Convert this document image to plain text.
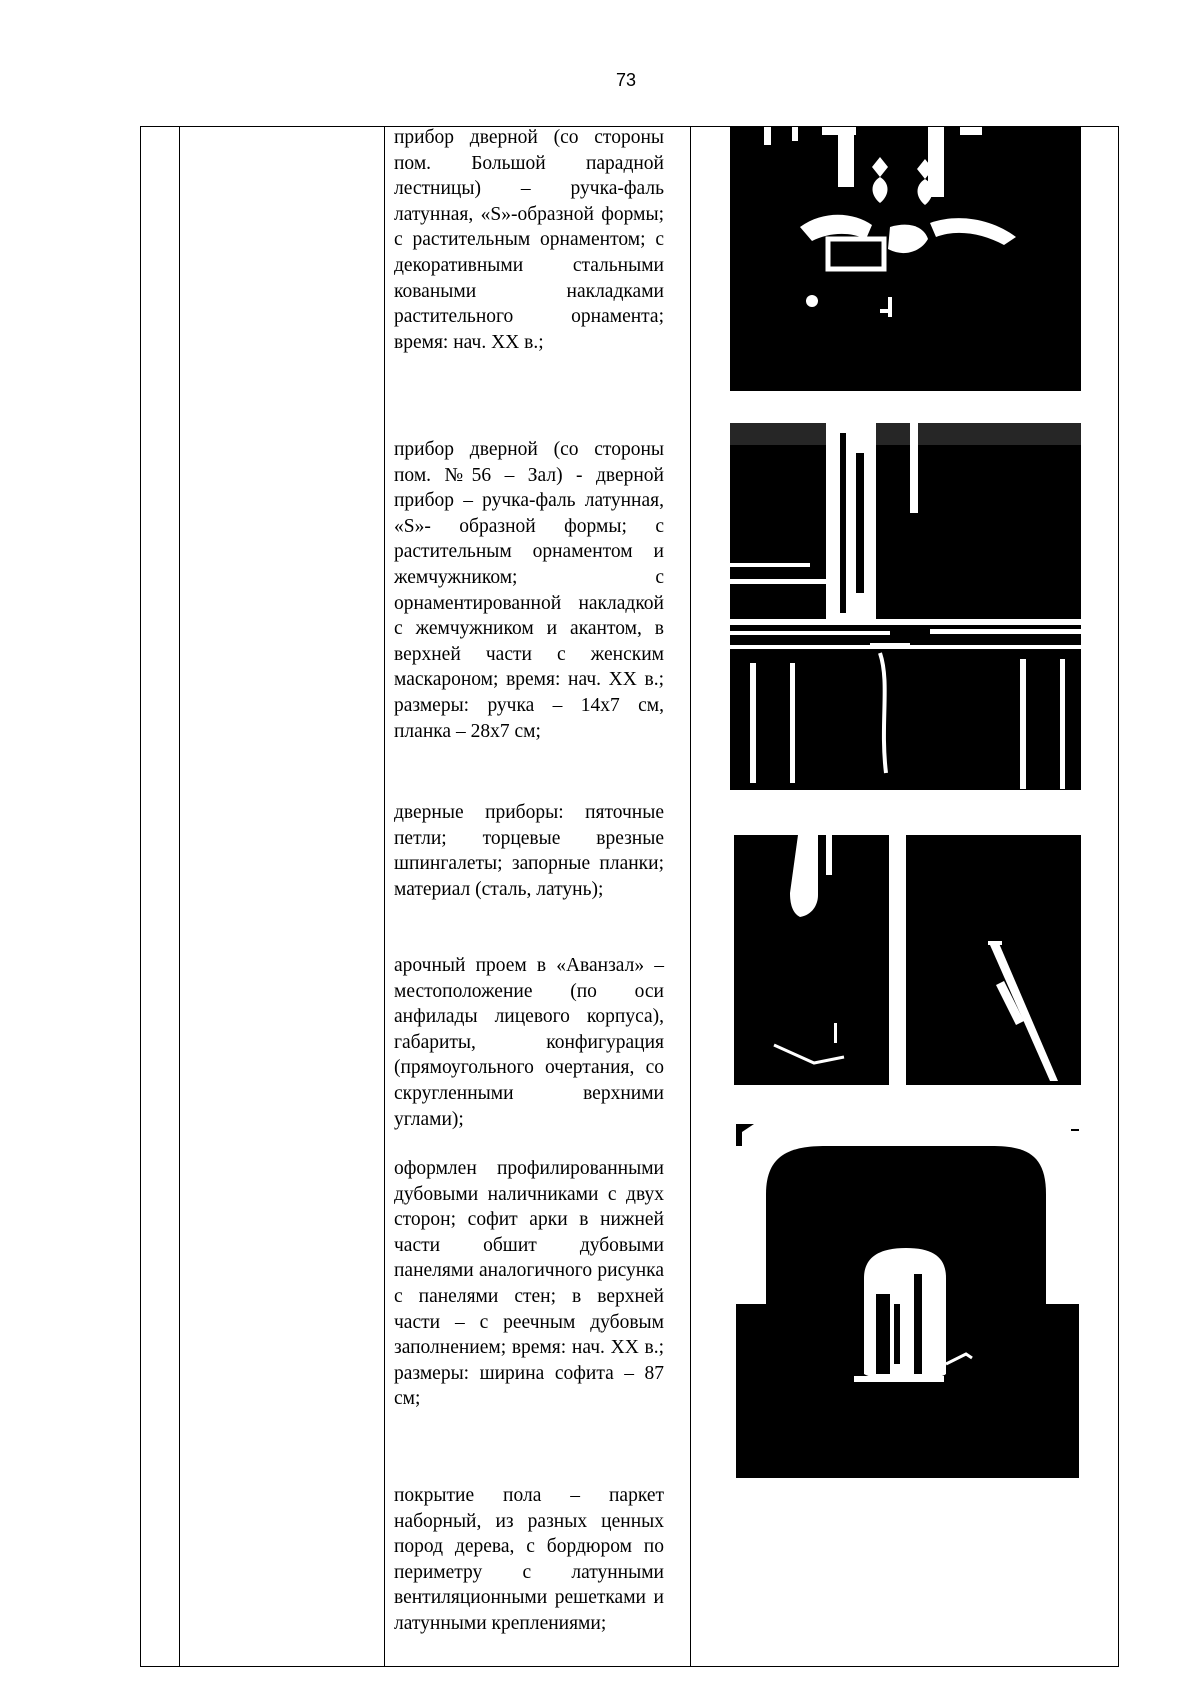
73

прибор дверной (со стороны пом. Большой парадной лестницы) – ручка-фаль латунная, «S»-образной формы; с растительным орнаментом; с декоративными стальными коваными накладками растительного орнамента; время: нач. XX в.;

прибор дверной (со стороны пом. №56 – Зал) - дверной прибор – ручка-фаль латунная, «S»- образной формы; с растительным орнаментом и жемчужником; с орнаментированной накладкой с жемчужником и акантом, в верхней части с женским маскароном; время: нач. XX в.; размеры: ручка – 14х7 см, планка – 28х7 см;

дверные приборы: пяточные петли; торцевые врезные шпингалеты; запорные планки; материал (сталь, латунь);

арочный проем в «Аванзал» – местоположение (по оси анфилады лицевого корпуса), габариты, конфигурация (прямоугольного очертания, со скругленными верхними углами);

оформлен профилированными дубовыми наличниками с двух сторон; софит арки в нижней части обшит дубовыми панелями аналогичного рисунка с панелями стен; в верхней части – с реечным дубовым заполнением; время: нач. XX в.; размеры: ширина софита – 87 см;

покрытие пола – паркет наборный, из разных ценных пород дерева, с бордюром по периметру с латунными вентиляционными решетками и латунными креплениями;
